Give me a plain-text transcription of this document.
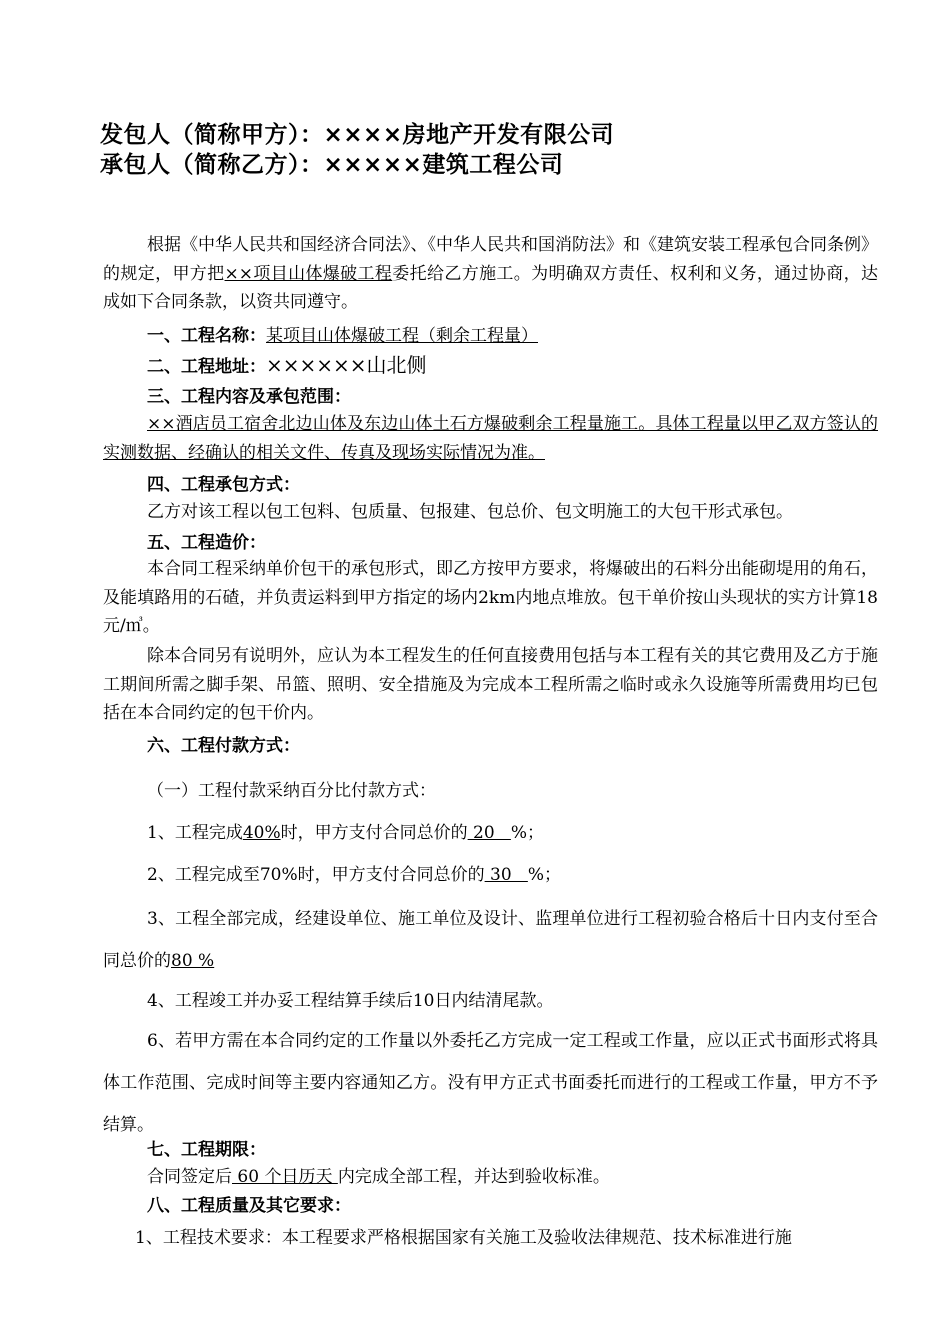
发包人（简称甲方）：××××房地产开发有限公司
承包人（简称乙方）：×××××建筑工程公司

根据《中华人民共和国经济合同法》、《中华人民共和国消防法》和《建筑安装工程承包合同条例》的规定，甲方把××项目山体爆破工程委托给乙方施工。为明确双方责任、权利和义务，通过协商，达成如下合同条款，以资共同遵守。

一、工程名称：某项目山体爆破工程（剩余工程量）
二、工程地址：××××××山北侧
三、工程内容及承包范围：

××酒店员工宿舍北边山体及东边山体土石方爆破剩余工程量施工。具体工程量以甲乙双方签认的实测数据、经确认的相关文件、传真及现场实际情况为准。

四、工程承包方式：

乙方对该工程以包工包料、包质量、包报建、包总价、包文明施工的大包干形式承包。

五、工程造价：

本合同工程采纳单价包干的承包形式，即乙方按甲方要求，将爆破出的石料分出能砌堤用的角石，及能填路用的石碴，并负责运料到甲方指定的场内2km内地点堆放。包干单价按山头现状的实方计算18元/㎥。

除本合同另有说明外，应认为本工程发生的任何直接费用包括与本工程有关的其它费用及乙方于施工期间所需之脚手架、吊篮、照明、安全措施及为完成本工程所需之临时或永久设施等所需费用均已包括在本合同约定的包干价内。

六、工程付款方式：
（一）工程付款采纳百分比付款方式：
1、工程完成40%时，甲方支付合同总价的 20   %；
2、工程完成至70%时，甲方支付合同总价的 30   %；

3、工程全部完成，经建设单位、施工单位及设计、监理单位进行工程初验合格后十日内支付至合同总价的80 %

4、工程竣工并办妥工程结算手续后10日内结清尾款。

6、若甲方需在本合同约定的工作量以外委托乙方完成一定工程或工作量，应以正式书面形式将具体工作范围、完成时间等主要内容通知乙方。没有甲方正式书面委托而进行的工程或工作量，甲方不予结算。

七、工程期限：
合同签定后 60 个日历天 内完成全部工程，并达到验收标准。
八、工程质量及其它要求：
1、工程技术要求：本工程要求严格根据国家有关施工及验收法律规范、技术标准进行施
